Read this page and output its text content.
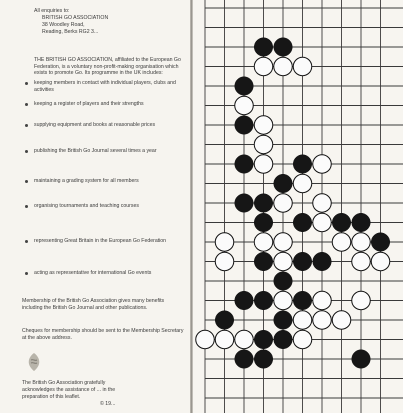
All enquiries to:
BRITISH GO ASSOCIATION
38 Woodley Road,
Reading, Berks RG2 3...
THE BRITISH GO ASSOCIATION, affiliated to the European Go Federation, is a voluntary non-profit-making organisation which exists to promote Go. Its programme in the UK includes:
keeping members in contact with individual players, clubs and activities
keeping a register of players and their strengths
supplying equipment and books at reasonable prices
publishing the British Go Journal several times a year
maintaining a grading system for all members
organising tournaments and teaching courses
representing Great Britain in the European Go Federation
acting as representative for international Go events
Membership of the British Go Association gives many benefits including the British Go Journal and other publications.
Cheques for membership should be sent to the Membership Secretary at the above address.
The British Go Association gratefully
acknowledges the assistance of ... in the
preparation of this leaflet.
© 19...
